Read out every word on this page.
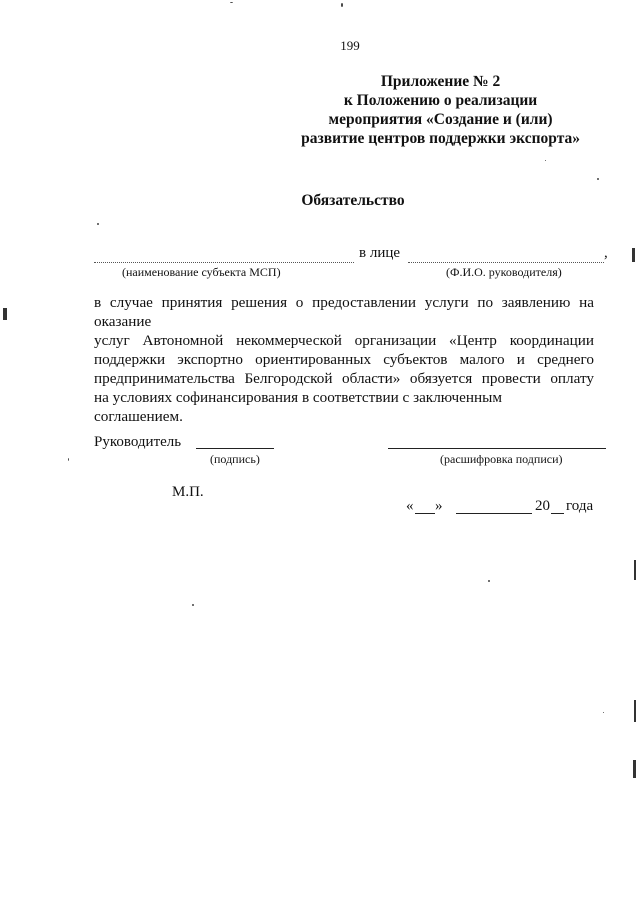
199
Приложение № 2
к Положению о реализации
мероприятия «Создание и (или)
развитие центров поддержки экспорта»
Обязательство
в лице	,
(наименование субъекта МСП)	(Ф.И.О. руководителя)

в случае принятия решения о предоставлении услуги по заявлению на оказание

услуг Автономной некоммерческой организации «Центр координации

поддержки экспортно ориентированных субъектов малого и среднего

предпринимательства Белгородской области» обязуется провести оплату

на условиях софинансирования в соответствии с заключенным соглашением.

Руководитель
(подпись)	(расшифровка подписи)
М.П.
« »	20 года
